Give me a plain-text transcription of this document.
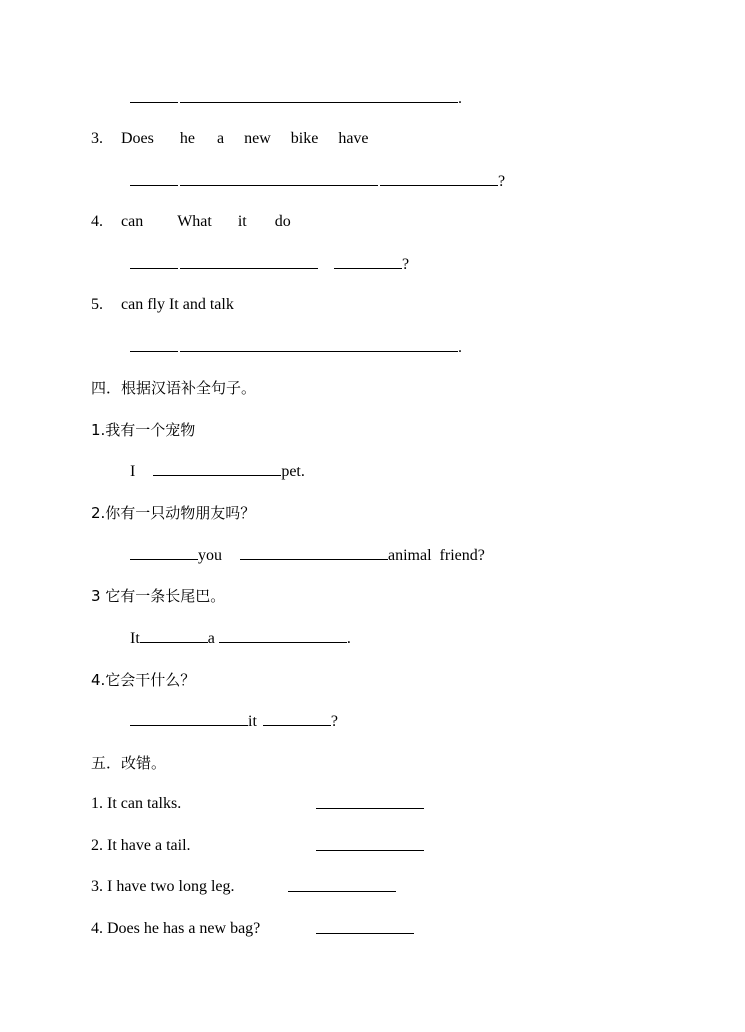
.
3. Does he a new bike have
?
4. can What it do
?
5. can fly It and talk
.
四．根据汉语补全句子。
1.我有一个宠物
I	pet.
2.你有一只动物朋友吗？
you	animal  friend?
3 它有一条长尾巴。
It	a	.
4.它会干什么？
it	?
五．改错。
1. It can talks.
2. It have a tail.
3. I have two long leg.
4. Does he has a new bag?
